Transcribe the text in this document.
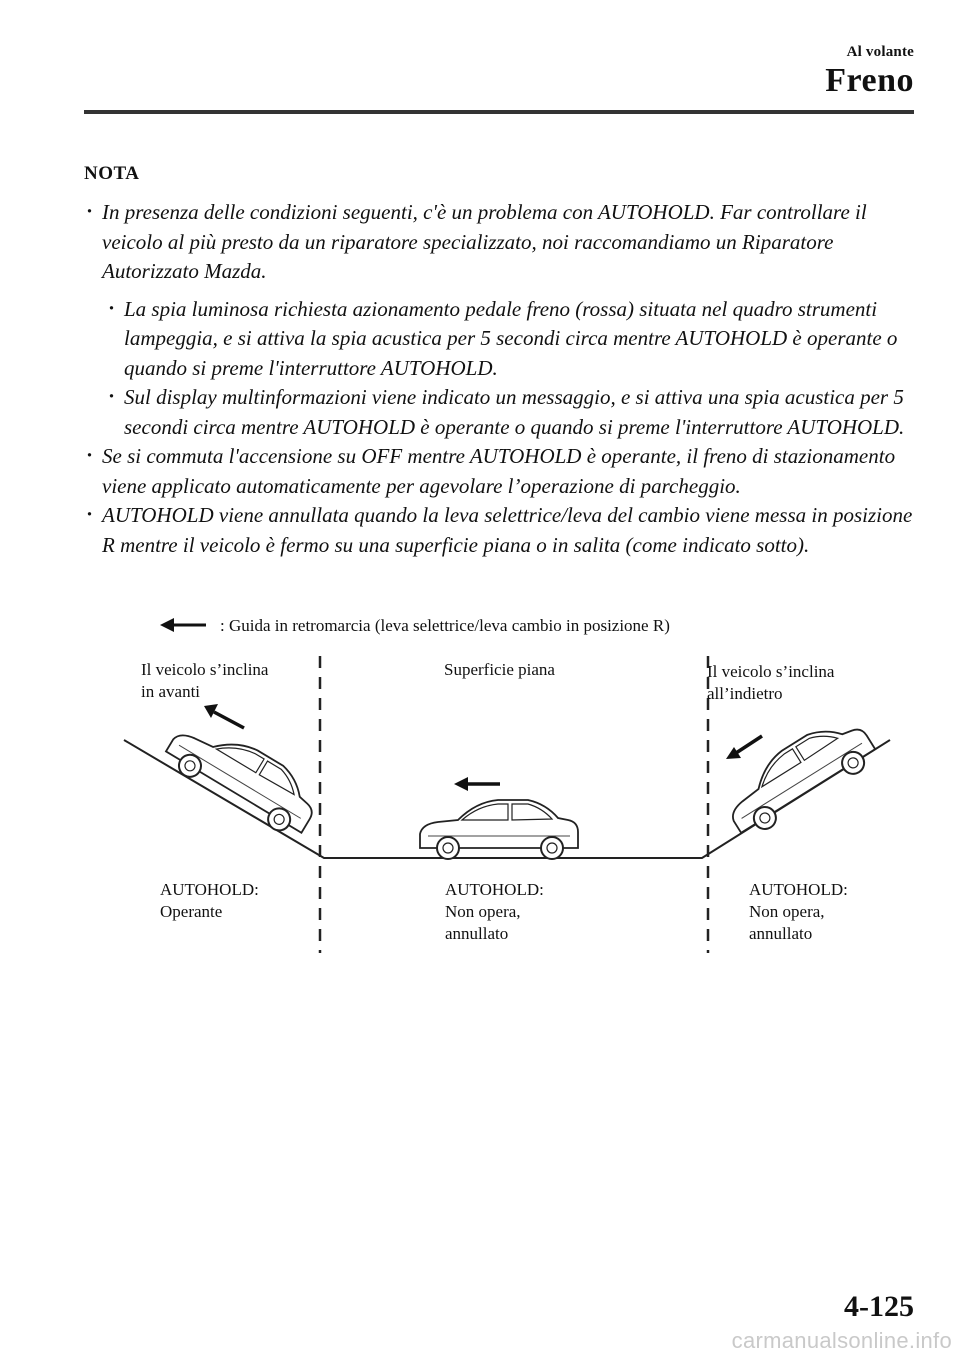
Al volante
Freno
NOTA

· In presenza delle condizioni seguenti, c'è un problema con AUTOHOLD. Far controllare il veicolo al più presto da un riparatore specializzato, noi raccomandiamo un Riparatore Autorizzato Mazda.

· La spia luminosa richiesta azionamento pedale freno (rossa) situata nel quadro strumenti lampeggia, e si attiva la spia acustica per 5 secondi circa mentre AUTOHOLD è operante o quando si preme l'interruttore AUTOHOLD.

· Sul display multinformazioni viene indicato un messaggio, e si attiva una spia acustica per 5 secondi circa mentre AUTOHOLD è operante o quando si preme l'interruttore AUTOHOLD.

· Se si commuta l'accensione su OFF mentre AUTOHOLD è operante, il freno di stazionamento viene applicato automaticamente per agevolare l’operazione di parcheggio.

· AUTOHOLD viene annullata quando la leva selettrice/leva del cambio viene messa in posizione R mentre il veicolo è fermo su una superficie piana o in salita (come indicato sotto).

: Guida in retromarcia (leva selettrice/leva cambio in posizione R)
Il veicolo s’inclina
in avanti
Superficie piana	Il veicolo s’inclina
all’indietro
AUTOHOLD:
Operante
AUTOHOLD:
Non opera,
annullato
AUTOHOLD:
Non opera,
annullato
4-125
carmanualsonline.info
